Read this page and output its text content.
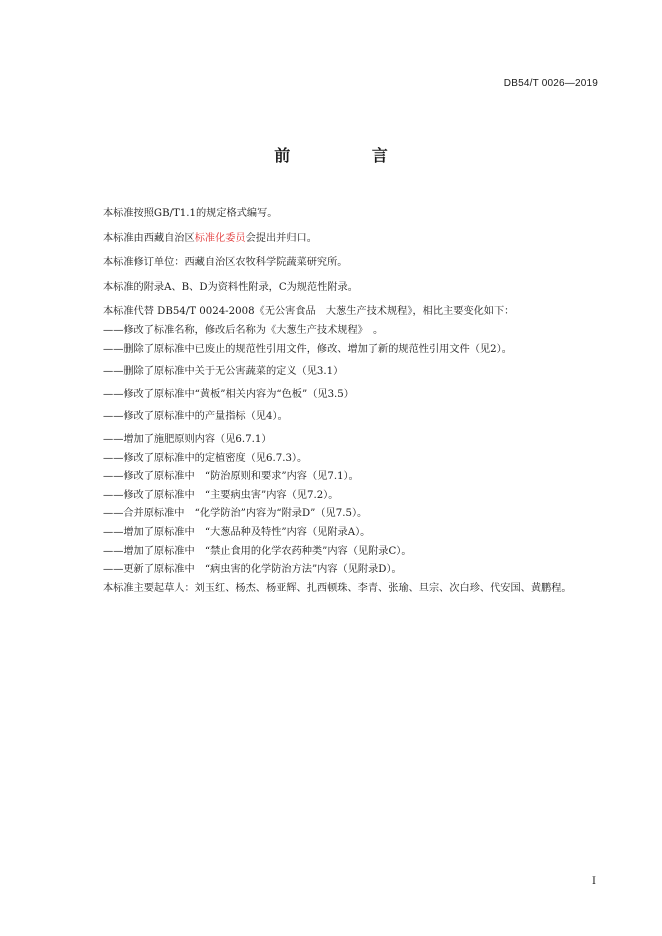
DB54/T 0026—2019
前 言

本标准按照GB/T1.1的规定格式编写。

本标准由西藏自治区标准化委员会提出并归口。

本标准修订单位：西藏自治区农牧科学院蔬菜研究所。

本标准的附录A、B、D为资料性附录，C为规范性附录。

本标准代替 DB54/T 0024-2008《无公害食品　大葱生产技术规程》，相比主要变化如下：

——修改了标准名称，修改后名称为《大葱生产技术规程》　。

——删除了原标准中已废止的规范性引用文件，修改、增加了新的规范性引用文件（见2）。

——删除了原标准中关于无公害蔬菜的定义（见3.1）

——修改了原标准中“黄板”相关内容为“色板”（见3.5）

——修改了原标准中的产量指标（见4）。

——增加了施肥原则内容（见6.7.1）

——修改了原标准中的定植密度（见6.7.3）。

——修改了原标准中　“防治原则和要求”内容（见7.1）。

——修改了原标准中　“主要病虫害”内容（见7.2）。

——合并原标准中　“化学防治”内容为“附录D”（见7.5）。

——增加了原标准中　“大葱品种及特性”内容（见附录A）。

——增加了原标准中　“禁止食用的化学农药种类”内容（见附录C）。

——更新了原标准中　“病虫害的化学防治方法”内容（见附录D）。

本标准主要起草人：刘玉红、杨杰、杨亚辉、扎西顿珠、李青、张瑜、旦宗、次白珍、代安国、黄鹏程。

I
